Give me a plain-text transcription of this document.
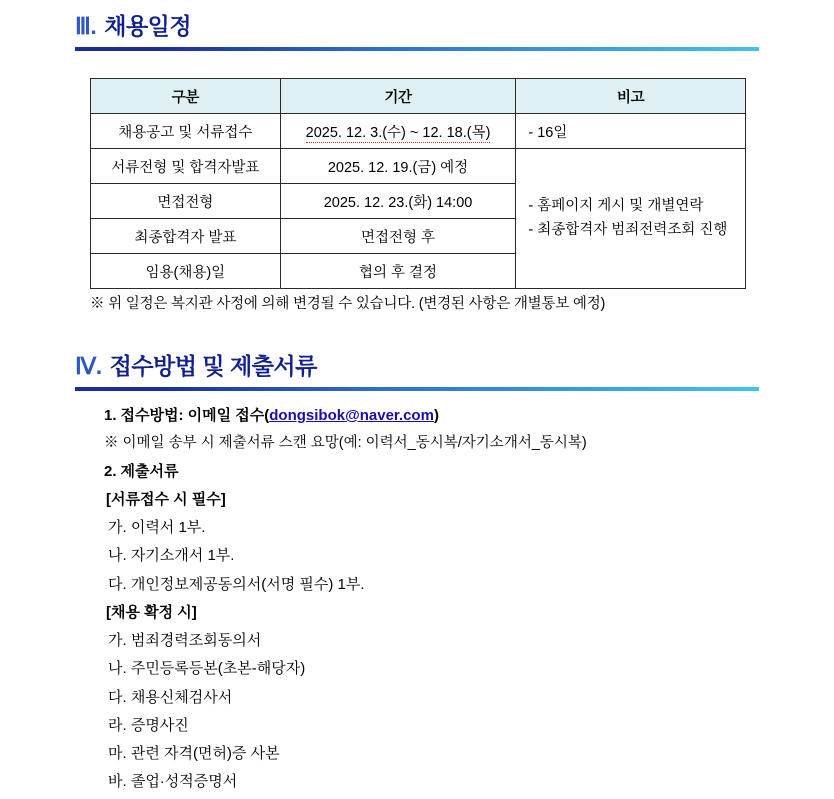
Ⅲ. 채용일정
구분	기간	비고
채용공고 및 서류접수	2025. 12. 3.(수) ~ 12. 18.(목)	- 16일
서류전형 및 합격자발표	2025. 12. 19.(금) 예정	- 홈페이지 게시 및 개별연락
- 최종합격자 범죄전력조회 진행

면접전형	2025. 12. 23.(화) 14:00	
최종합격자 발표	면접전형 후	
임용(채용)일	협의 후 결정	
※ 위 일정은 복지관 사정에 의해 변경될 수 있습니다. (변경된 사항은 개별통보 예정)
Ⅳ. 접수방법 및 제출서류
1. 접수방법: 이메일 접수(dongsibok@naver.com)
※ 이메일 송부 시 제출서류 스캔 요망(예: 이력서_동시복/자기소개서_동시복)
2. 제출서류
[서류접수 시 필수]
가. 이력서 1부.
나. 자기소개서 1부.
다. 개인정보제공동의서(서명 필수) 1부.
[채용 확정 시]
가. 범죄경력조회동의서
나. 주민등록등본(초본-해당자)
다. 채용신체검사서
라. 증명사진
마. 관련 자격(면허)증 사본
바. 졸업·성적증명서
